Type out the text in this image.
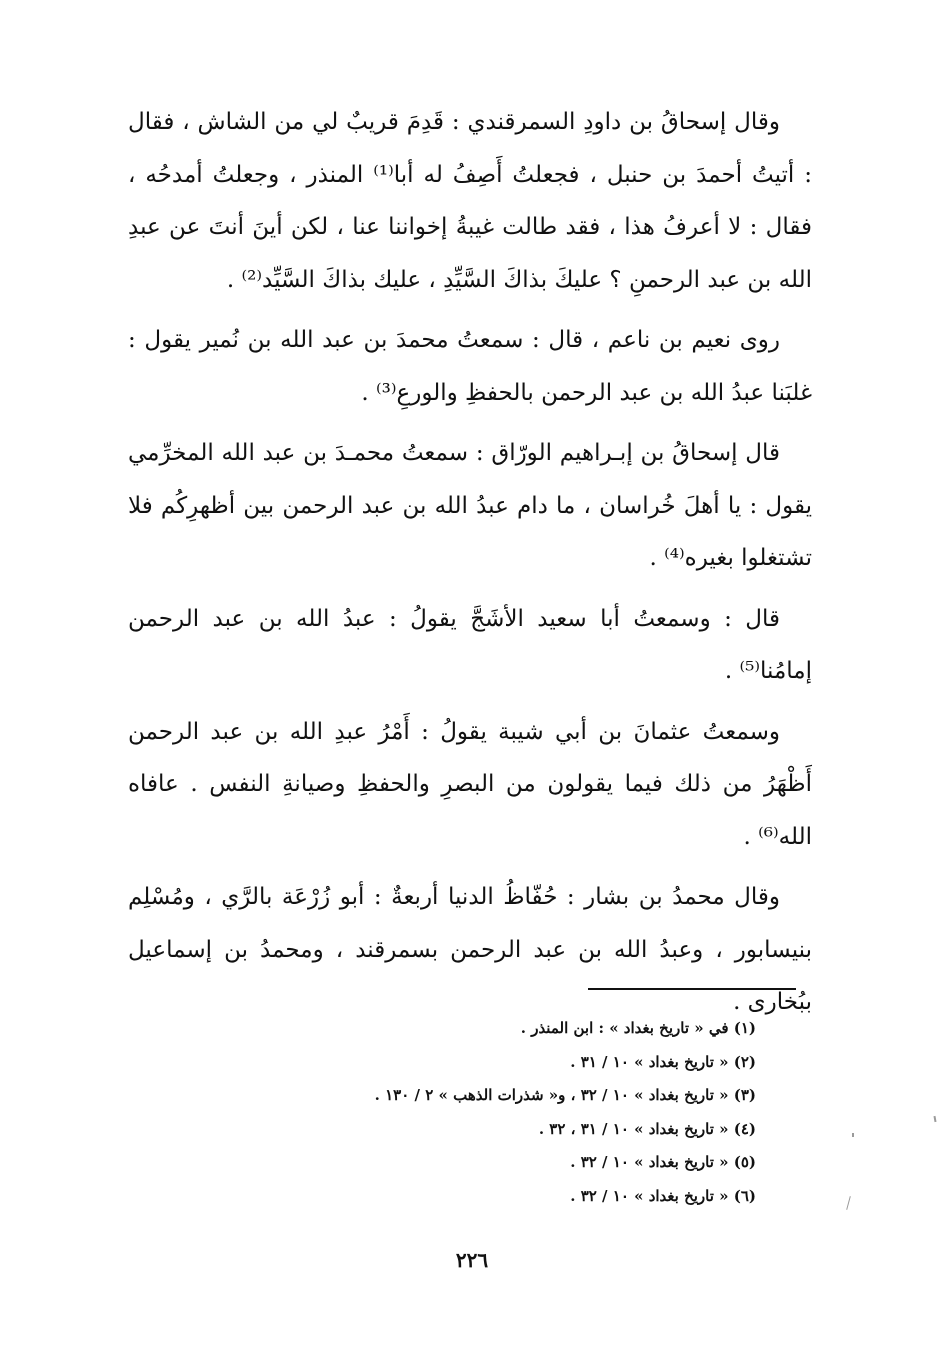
وقال إسحاقُ بن داودِ السمرقندي : قَدِمَ قريبٌ لي من الشاش ، فقال : أتيتُ أحمدَ بن حنبل ، فجعلتُ أَصِفُ له أبا⁽¹⁾ المنذر ، وجعلتُ أمدحُه ، فقال : لا أعرفُ هذا ، فقد طالت غيبةُ إخواننا عنا ، لكن أينَ أنتَ عن عبدِ الله بن عبد الرحمنِ ؟ عليكَ بذاكَ السَّيِّدِ ، عليك بذاكَ السَّيِّد⁽²⁾ .

روى نعيم بن ناعم ، قال : سمعتُ محمدَ بن عبد الله بن نُمير يقول : غلبَنا عبدُ الله بن عبد الرحمن بالحفظِ والورعِ⁽³⁾ .

قال إسحاقُ بن إبـراهيم الورّاق : سمعتُ محمـدَ بن عبد الله المخرِّمي يقول : يا أهلَ خُراسان ، ما دام عبدُ الله بن عبد الرحمن بين أظهرِكُم فلا تشتغلوا بغيره⁽⁴⁾ .

قال : وسمعتُ أبا سعيد الأشَجَّ يقولُ : عبدُ الله بن عبد الرحمن إمامُنا⁽⁵⁾ .

وسمعتُ عثمانَ بن أبي شيبة يقولُ : أَمْرُ عبدِ الله بن عبد الرحمن أَظْهَرُ من ذلك فيما يقولون من البصرِ والحفظِ وصيانةِ النفس . عافاه الله⁽⁶⁾ .

وقال محمدُ بن بشار : حُفّاظُ الدنيا أربعةٌ : أبو زُرْعَة بالرَّي ، ومُسْلِم بنيسابور ، وعبدُ الله بن عبد الرحمن بسمرقند ، ومحمدُ بن إسماعيل ببُخارى .

(١) في « تاريخ بغداد » : ابن المنذر .
(٢) « تاريخ بغداد » ١٠ / ٣١ .
(٣) « تاريخ بغداد » ١٠ / ٣٢ ، و« شذرات الذهب » ٢ / ١٣٠ .
(٤) « تاريخ بغداد » ١٠ / ٣١ ، ٣٢ .
(٥) « تاريخ بغداد » ١٠ / ٣٢ .
(٦) « تاريخ بغداد » ١٠ / ٣٢ .
٢٢٦
